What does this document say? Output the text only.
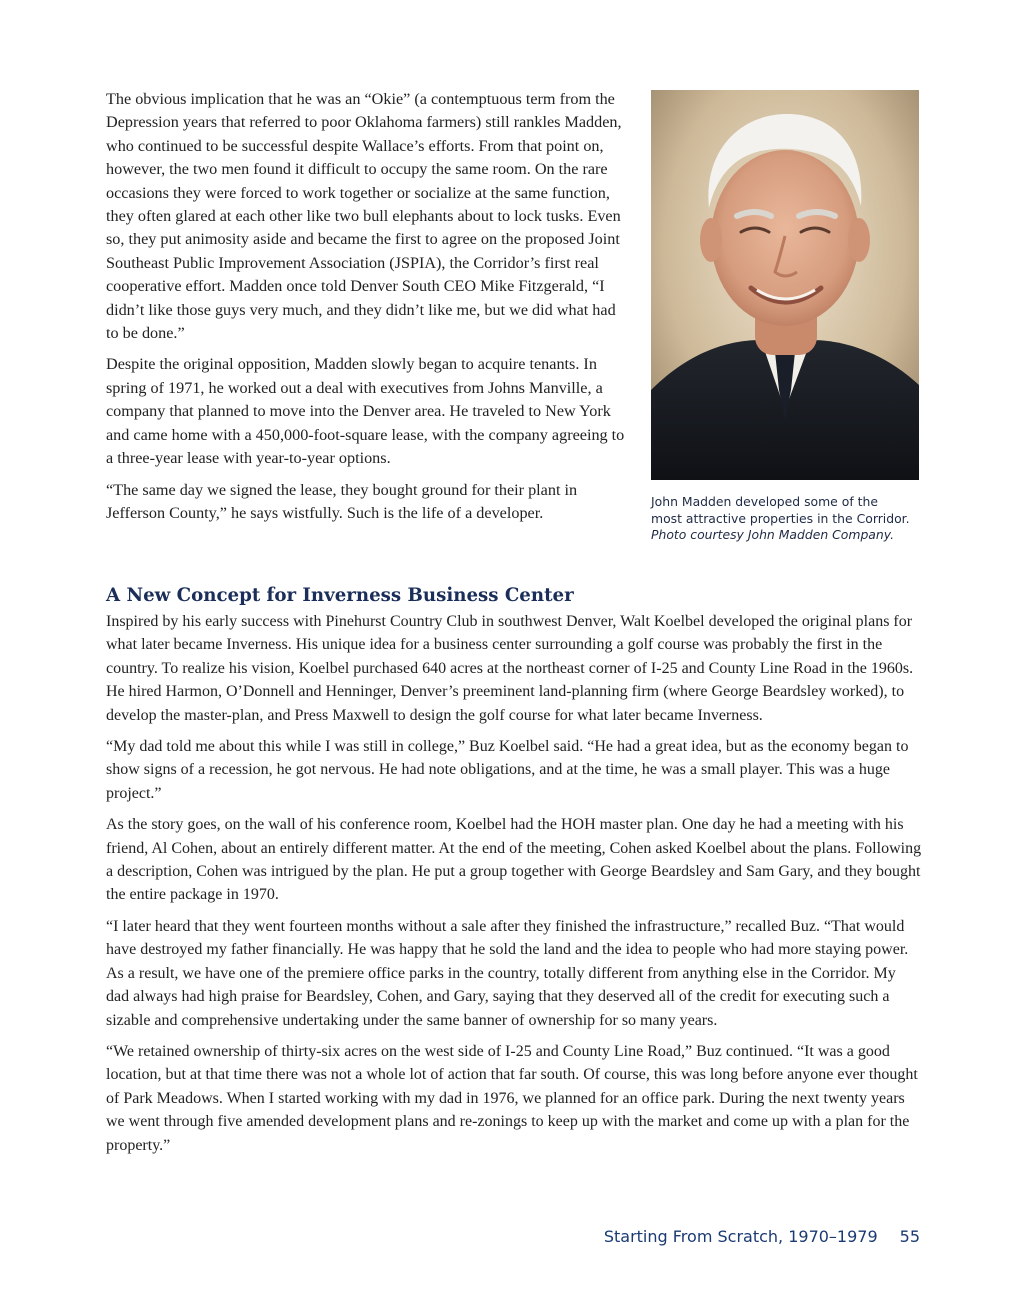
The obvious implication that he was an “Okie” (a contemptuous term from the Depression years that referred to poor Oklahoma farmers) still rankles Madden, who continued to be successful despite Wallace’s efforts. From that point on, however, the two men found it difficult to occupy the same room. On the rare occasions they were forced to work together or socialize at the same function, they often glared at each other like two bull elephants about to lock tusks. Even so, they put animosity aside and became the first to agree on the proposed Joint Southeast Public Improvement Association (JSPIA), the Corridor’s first real cooperative effort. Madden once told Denver South CEO Mike Fitzgerald, “I didn’t like those guys very much, and they didn’t like me, but we did what had to be done.”

Despite the original opposition, Madden slowly began to acquire tenants. In spring of 1971, he worked out a deal with executives from Johns Manville, a company that planned to move into the Denver area. He traveled to New York and came home with a 450,000-foot-square lease, with the company agreeing to a three-year lease with year-to-year options.

“The same day we signed the lease, they bought ground for their plant in Jefferson County,” he says wistfully. Such is the life of a developer.

John Madden developed some of the
most attractive properties in the Corridor.
Photo courtesy John Madden Company.
A New Concept for Inverness Business Center

Inspired by his early success with Pinehurst Country Club in southwest Denver, Walt Koelbel developed the original plans for what later became Inverness. His unique idea for a business center surrounding a golf course was probably the first in the country. To realize his vision, Koelbel purchased 640 acres at the northeast corner of I-25 and County Line Road in the 1960s. He hired Harmon, O’Donnell and Henninger, Denver’s preeminent land-planning firm (where George Beardsley worked), to develop the master-plan, and Press Maxwell to design the golf course for what later became Inverness.

“My dad told me about this while I was still in college,” Buz Koelbel said. “He had a great idea, but as the economy began to show signs of a recession, he got nervous. He had note obligations, and at the time, he was a small player. This was a huge project.”

As the story goes, on the wall of his conference room, Koelbel had the HOH master plan. One day he had a meeting with his friend, Al Cohen, about an entirely different matter. At the end of the meeting, Cohen asked Koelbel about the plans. Following a description, Cohen was intrigued by the plan. He put a group together with George Beardsley and Sam Gary, and they bought the entire package in 1970.

“I later heard that they went fourteen months without a sale after they finished the infrastructure,” recalled Buz. “That would have destroyed my father financially. He was happy that he sold the land and the idea to people who had more staying power. As a result, we have one of the premiere office parks in the country, totally different from anything else in the Corridor. My dad always had high praise for Beardsley, Cohen, and Gary, saying that they deserved all of the credit for executing such a sizable and comprehensive undertaking under the same banner of ownership for so many years.

“We retained ownership of thirty-six acres on the west side of I-25 and County Line Road,” Buz continued. “It was a good location, but at that time there was not a whole lot of action that far south. Of course, this was long before anyone ever thought of Park Meadows. When I started working with my dad in 1976, we planned for an office park. During the next twenty years we went through five amended development plans and re-zonings to keep up with the market and come up with a plan for the property.”

Starting From Scratch, 1970–1979 55
